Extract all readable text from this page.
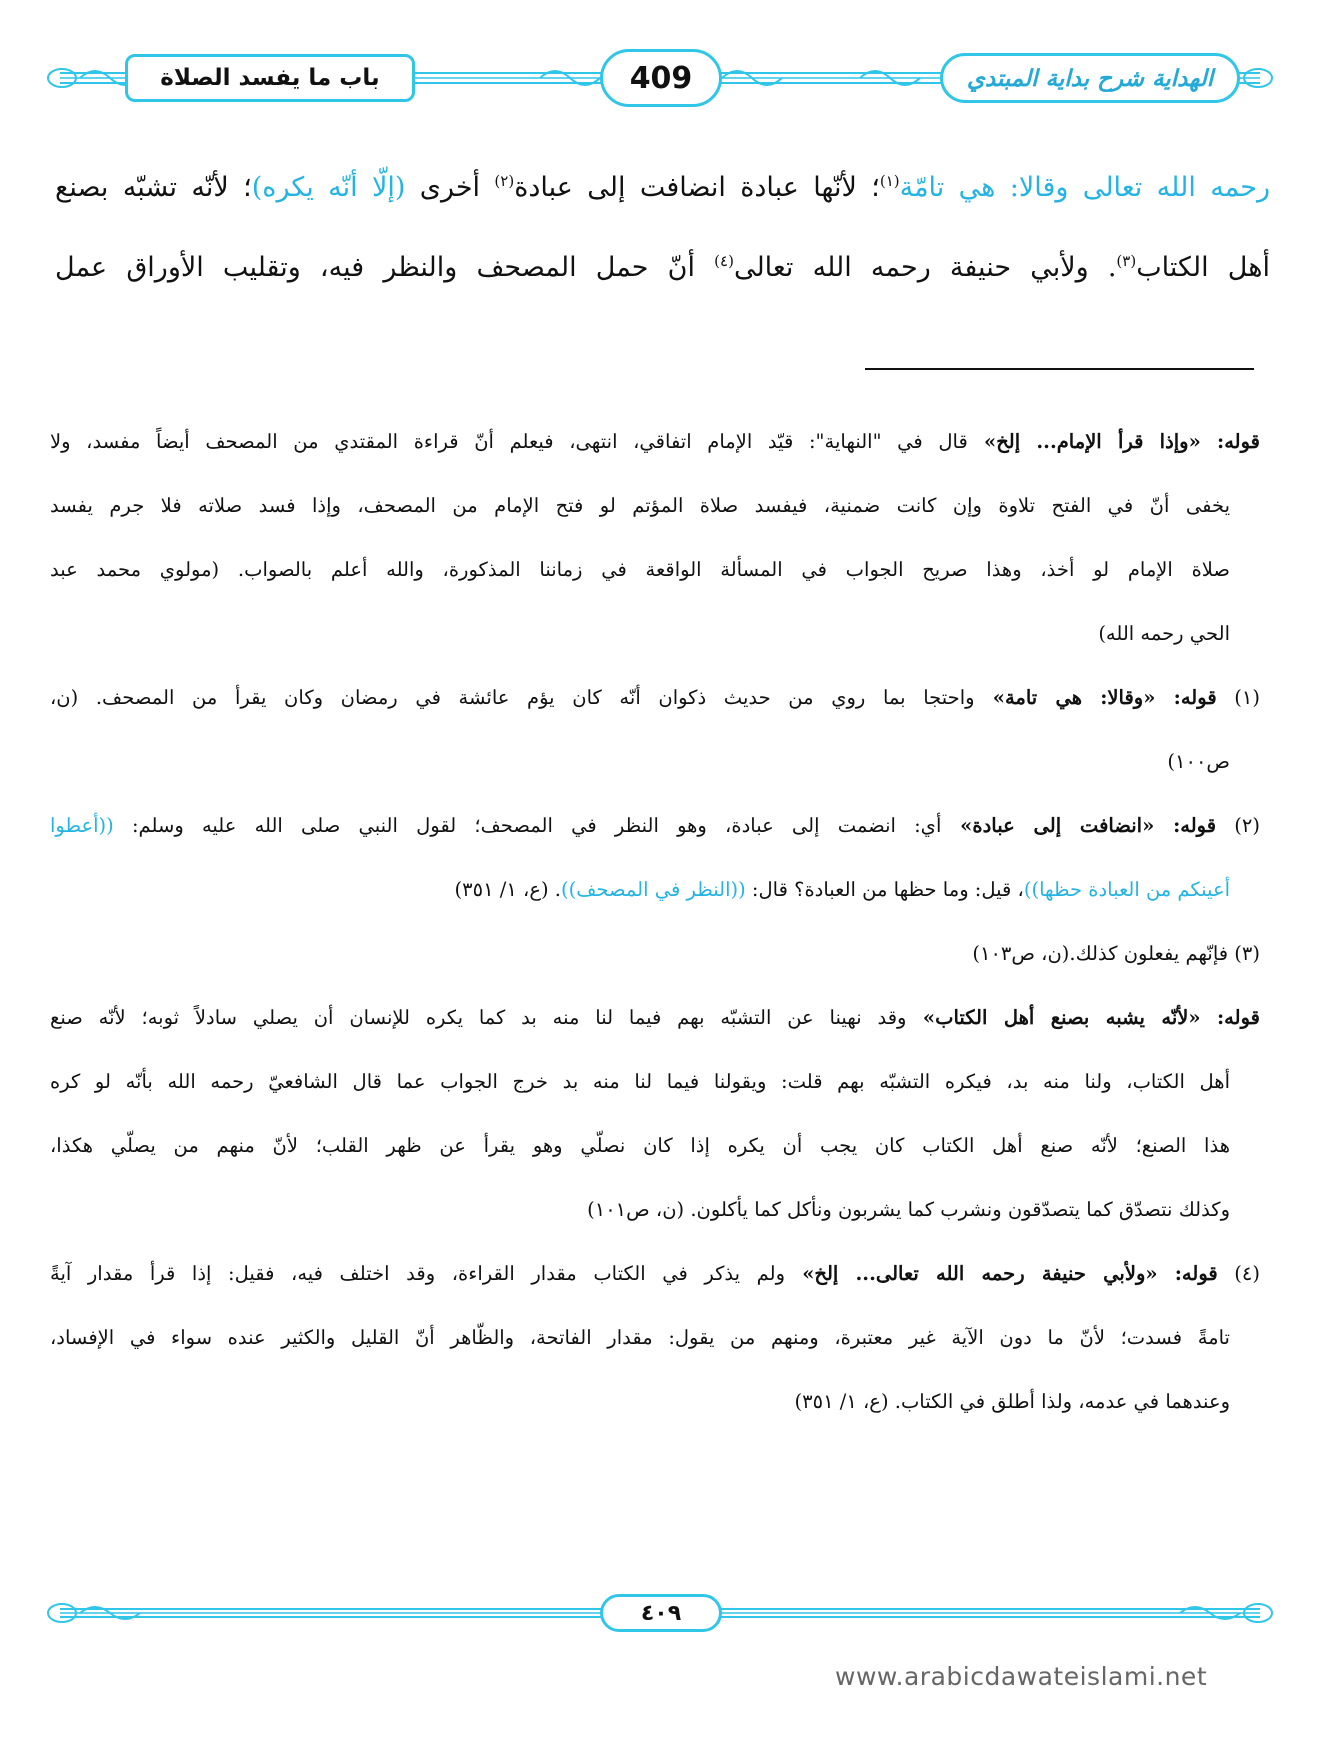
باب ما يفسد الصلاة	409	الهداية شرح بداية المبتدي

رحمه الله تعالى وقالا: هي تامّة$^{(١)}$؛ لأنّها عبادة انضافت إلى عبادة$^{(٢)}$ أخرى (إلّا أنّه يكره)؛ لأنّه تشبّه بصنع

أهل الكتاب$^{(٣)}$. ولأبي حنيفة رحمه الله تعالى$^{(٤)}$ أنّ حمل المصحف والنظر فيه، وتقليب الأوراق عمل

قوله: «وإذا قرأ الإمام... إلخ» قال في "النهاية": قيّد الإمام اتفاقي، انتهى، فيعلم أنّ قراءة المقتدي من المصحف أيضاً مفسد، ولا
يخفى أنّ في الفتح تلاوة وإن كانت ضمنية، فيفسد صلاة المؤتم لو فتح الإمام من المصحف، وإذا فسد صلاته فلا جرم يفسد
صلاة الإمام لو أخذ، وهذا صريح الجواب في المسألة الواقعة في زماننا المذكورة، والله أعلم بالصواب. (مولوي محمد عبد
الحي رحمه الله)
(١) قوله: «وقالا: هي تامة» واحتجا بما روي من حديث ذكوان أنّه كان يؤم عائشة في رمضان وكان يقرأ من المصحف. (ن،
ص١٠٠)
(٢) قوله: «انضافت إلى عبادة» أي: انضمت إلى عبادة، وهو النظر في المصحف؛ لقول النبي صلى الله عليه وسلم: ((أعطوا
أعينكم من العبادة حظها))، قيل: وما حظها من العبادة؟ قال: ((النظر في المصحف)). (ع، ١/ ٣٥١)
(٣) فإنّهم يفعلون كذلك.(ن، ص١٠٣)
قوله: «لأنّه يشبه بصنع أهل الكتاب» وقد نهينا عن التشبّه بهم فيما لنا منه بد كما يكره للإنسان أن يصلي سادلاً ثوبه؛ لأنّه صنع
أهل الكتاب، ولنا منه بد، فيكره التشبّه بهم قلت: ويقولنا فيما لنا منه بد خرج الجواب عما قال الشافعيّ رحمه الله بأنّه لو كره
هذا الصنع؛ لأنّه صنع أهل الكتاب كان يجب أن يكره إذا كان نصلّي وهو يقرأ عن ظهر القلب؛ لأنّ منهم من يصلّي هكذا،
وكذلك نتصدّق كما يتصدّقون ونشرب كما يشربون ونأكل كما يأكلون. (ن، ص١٠١)
(٤) قوله: «ولأبي حنيفة رحمه الله تعالى... إلخ» ولم يذكر في الكتاب مقدار القراءة، وقد اختلف فيه، فقيل: إذا قرأ مقدار آيةً
تامةً فسدت؛ لأنّ ما دون الآية غير معتبرة، ومنهم من يقول: مقدار الفاتحة، والظّاهر أنّ القليل والكثير عنده سواء في الإفساد،
وعندهما في عدمه، ولذا أطلق في الكتاب. (ع، ١/ ٣٥١)
٤٠٩
www.arabicdawateislami.net
